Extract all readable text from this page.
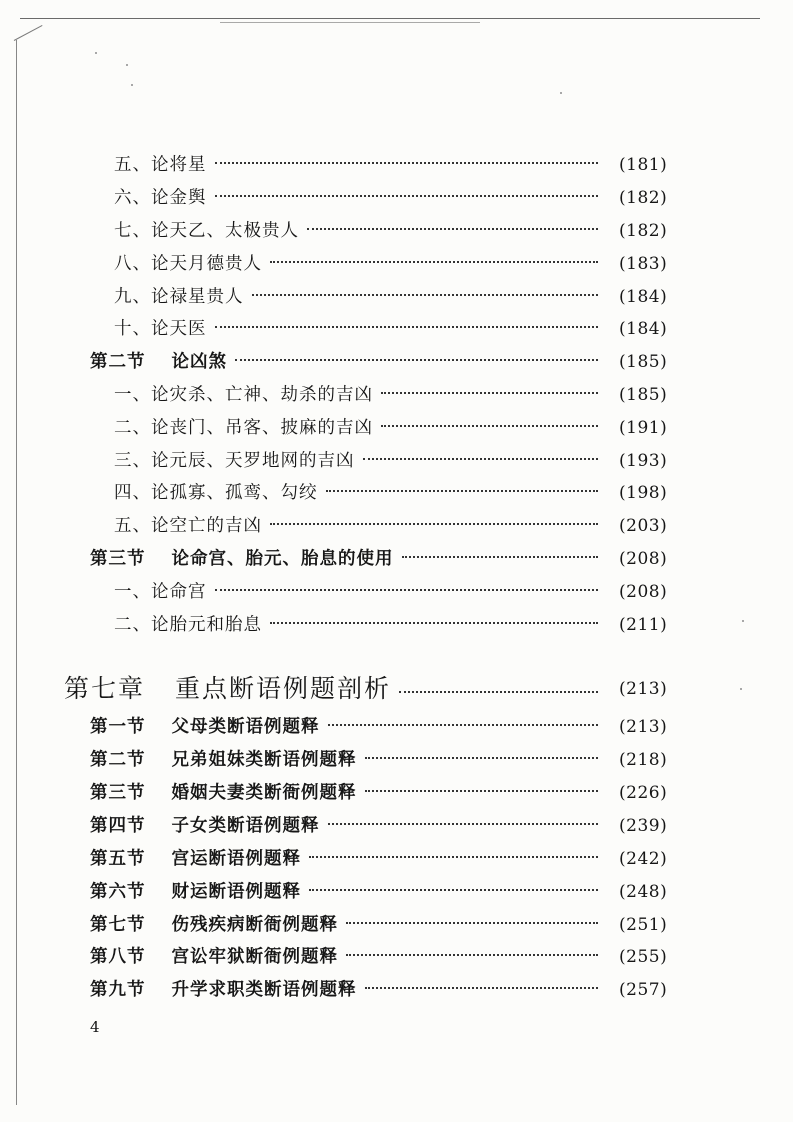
五、论将星	(181)
六、论金舆	(182)
七、论天乙、太极贵人	(182)
八、论天月德贵人	(183)
九、论禄星贵人	(184)
十、论天医	(184)
第二节 论凶煞	(185)
一、论灾杀、亡神、劫杀的吉凶	(185)
二、论丧门、吊客、披麻的吉凶	(191)
三、论元辰、天罗地网的吉凶	(193)
四、论孤寡、孤鸾、勾绞	(198)
五、论空亡的吉凶	(203)
第三节 论命宫、胎元、胎息的使用	(208)
一、论命宫	(208)
二、论胎元和胎息	(211)
第七章 重点断语例题剖析	(213)
第一节 父母类断语例题释	(213)
第二节 兄弟姐妹类断语例题释	(218)
第三节 婚姻夫妻类断衙例题释	(226)
第四节 子女类断语例题释	(239)
第五节 宫运断语例题释	(242)
第六节 财运断语例题释	(248)
第七节 伤残疾病断衙例题释	(251)
第八节 宫讼牢狱断衙例题释	(255)
第九节 升学求职类断语例题释	(257)
4
